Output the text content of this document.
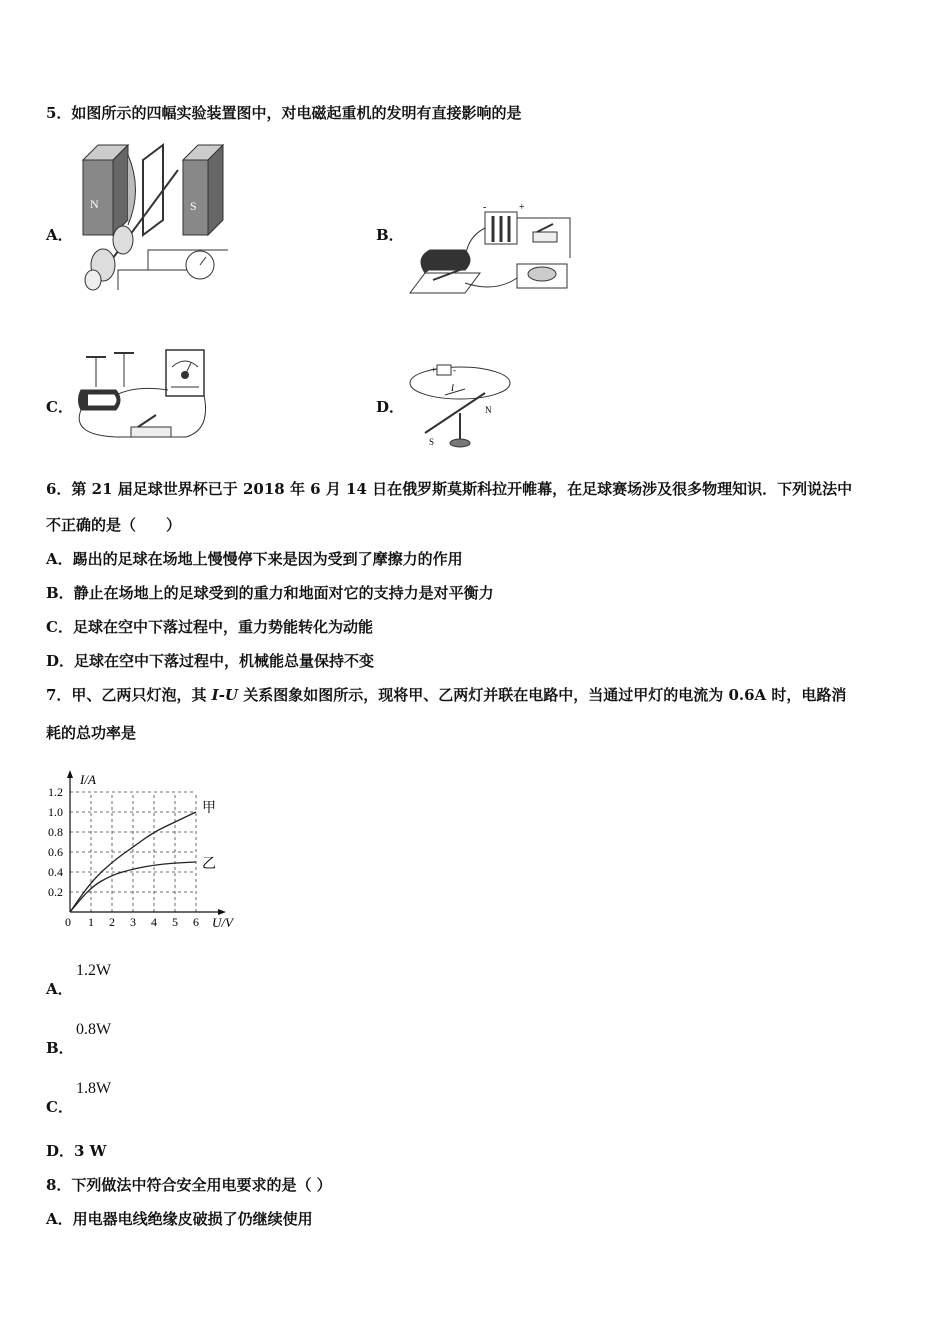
5．如图所示的四幅实验装置图中，对电磁起重机的发明有直接影响的是
A．
N	S
B．
-	+
C．	D．
+ -
I
S
N
6．第 21 届足球世界杯已于 2018 年 6 月 14 日在俄罗斯莫斯科拉开帷幕，在足球赛场涉及很多物理知识．下列说法中
不正确的是（　　）
A．踢出的足球在场地上慢慢停下来是因为受到了摩擦力的作用
B．静止在场地上的足球受到的重力和地面对它的支持力是对平衡力
C．足球在空中下落过程中，重力势能转化为动能
D．足球在空中下落过程中，机械能总量保持不变
7．甲、乙两只灯泡，其 I-U 关系图象如图所示，现将甲、乙两灯并联在电路中，当通过甲灯的电流为 0.6A 时，电路消
耗的总功率是
0 1 2 3 4 5 6
0.2
0.4
0.6
0.8
1.0
1.2
U/V
I/A
甲
乙
A．
1.2W
B．
0.8W
C．
1.8W
D．3 W
8．下列做法中符合安全用电要求的是（ ）
A．用电器电线绝缘皮破损了仍继续使用
